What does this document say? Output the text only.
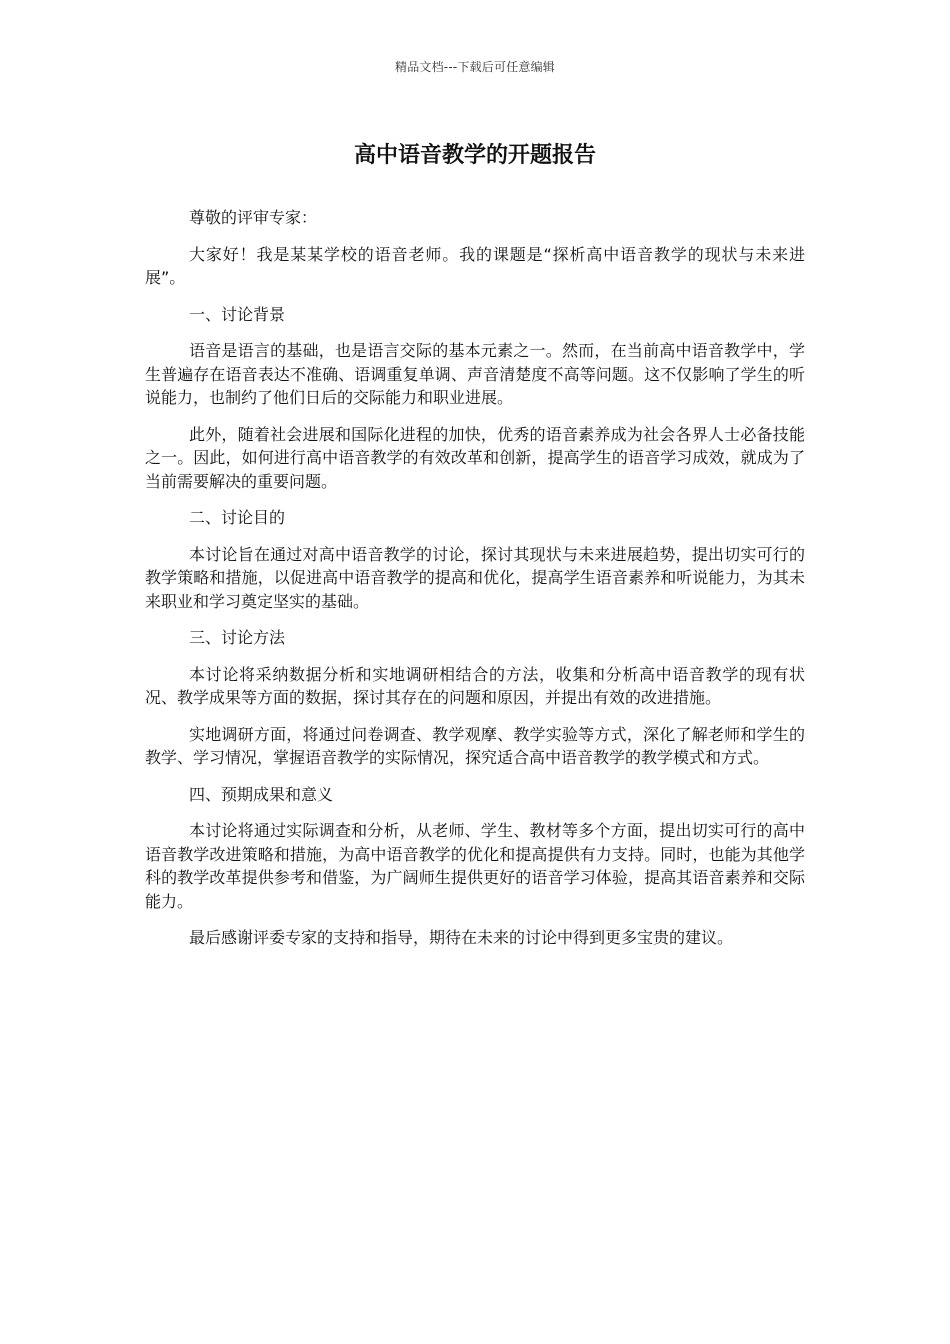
精品文档---下载后可任意编辑
高中语音教学的开题报告

尊敬的评审专家：

大家好！我是某某学校的语音老师。我的课题是“探析高中语音教学的现状与未来进展”。

一、讨论背景

语音是语言的基础，也是语言交际的基本元素之一。然而，在当前高中语音教学中，学生普遍存在语音表达不准确、语调重复单调、声音清楚度不高等问题。这不仅影响了学生的听说能力，也制约了他们日后的交际能力和职业进展。

此外，随着社会进展和国际化进程的加快，优秀的语音素养成为社会各界人士必备技能之一。因此，如何进行高中语音教学的有效改革和创新，提高学生的语音学习成效，就成为了当前需要解决的重要问题。

二、讨论目的

本讨论旨在通过对高中语音教学的讨论，探讨其现状与未来进展趋势，提出切实可行的教学策略和措施，以促进高中语音教学的提高和优化，提高学生语音素养和听说能力，为其未来职业和学习奠定坚实的基础。

三、讨论方法

本讨论将采纳数据分析和实地调研相结合的方法，收集和分析高中语音教学的现有状况、教学成果等方面的数据，探讨其存在的问题和原因，并提出有效的改进措施。

实地调研方面，将通过问卷调查、教学观摩、教学实验等方式，深化了解老师和学生的教学、学习情况，掌握语音教学的实际情况，探究适合高中语音教学的教学模式和方式。

四、预期成果和意义

本讨论将通过实际调查和分析，从老师、学生、教材等多个方面，提出切实可行的高中语音教学改进策略和措施，为高中语音教学的优化和提高提供有力支持。同时，也能为其他学科的教学改革提供参考和借鉴，为广阔师生提供更好的语音学习体验，提高其语音素养和交际能力。

最后感谢评委专家的支持和指导，期待在未来的讨论中得到更多宝贵的建议。
